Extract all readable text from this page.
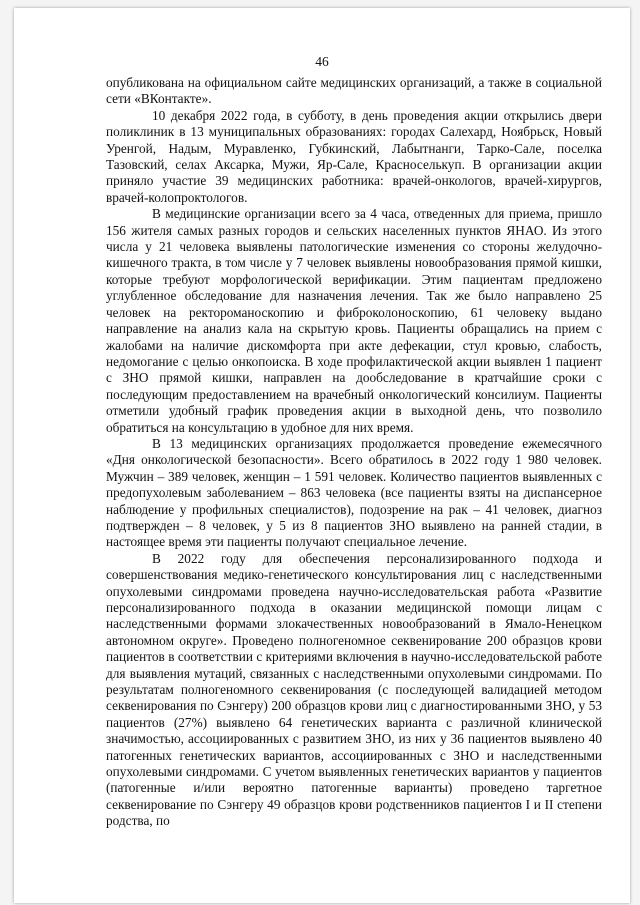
46

опубликована на официальном сайте медицинских организаций, а также в социальной сети «ВКонтакте».

10 декабря 2022 года, в субботу, в день проведения акции открылись двери поликлиник в 13 муниципальных образованиях: городах Салехард, Ноябрьск, Новый Уренгой, Надым, Муравленко, Губкинский, Лабытнанги, Тарко-Сале, поселка Тазовский, селах Аксарка, Мужи, Яр-Сале, Красноселькуп. В организации акции приняло участие 39 медицинских работника: врачей-онкологов, врачей-хирургов, врачей-колопроктологов.

В медицинские организации всего за 4 часа, отведенных для приема, пришло 156 жителя самых разных городов и сельских населенных пунктов ЯНАО. Из этого числа у 21 человека выявлены патологические изменения со стороны желудочно-кишечного тракта, в том числе у 7 человек выявлены новообразования прямой кишки, которые требуют морфологической верификации. Этим пациентам предложено углубленное обследование для назначения лечения. Так же было направлено 25 человек на ректороманоскопию и фиброколоноскопию, 61 человеку выдано направление на анализ кала на скрытую кровь. Пациенты обращались на прием с жалобами на наличие дискомфорта при акте дефекации, стул кровью, слабость, недомогание с целью онкопоиска. В ходе профилактической акции выявлен 1 пациент с ЗНО прямой кишки, направлен на дообследование в кратчайшие сроки с последующим предоставлением на врачебный онкологический консилиум. Пациенты отметили удобный график проведения акции в выходной день, что позволило обратиться на консультацию в удобное для них время.

В 13 медицинских организациях продолжается проведение ежемесячного «Дня онкологической безопасности». Всего обратилось в 2022 году 1 980 человек. Мужчин – 389 человек, женщин – 1 591 человек. Количество пациентов выявленных с предопухолевым заболеванием – 863 человека (все пациенты взяты на диспансерное наблюдение у профильных специалистов), подозрение на рак – 41 человек, диагноз подтвержден – 8 человек, у 5 из 8 пациентов ЗНО выявлено на ранней стадии, в настоящее время эти пациенты получают специальное лечение.

В 2022 году для обеспечения персонализированного подхода и совершенствования медико-генетического консультирования лиц с наследственными опухолевыми синдромами проведена научно-исследовательская работа «Развитие персонализированного подхода в оказании медицинской помощи лицам с наследственными формами злокачественных новообразований в Ямало-Ненецком автономном округе». Проведено полногеномное секвенирование 200 образцов крови пациентов в соответствии с критериями включения в научно-исследовательской работе для выявления мутаций, связанных с наследственными опухолевыми синдромами. По результатам полногеномного секвенирования (с последующей валидацией методом секвенирования по Сэнгеру) 200 образцов крови лиц с диагностированными ЗНО, у 53 пациентов (27%) выявлено 64 генетических варианта с различной клинической значимостью, ассоциированных с развитием ЗНО, из них у 36 пациентов выявлено 40 патогенных генетических вариантов, ассоциированных с ЗНО и наследственными опухолевыми синдромами. С учетом выявленных генетических вариантов у пациентов (патогенные и/или вероятно патогенные варианты) проведено таргетное секвенирование по Сэнгеру 49 образцов крови родственников пациентов I и II степени родства, по
